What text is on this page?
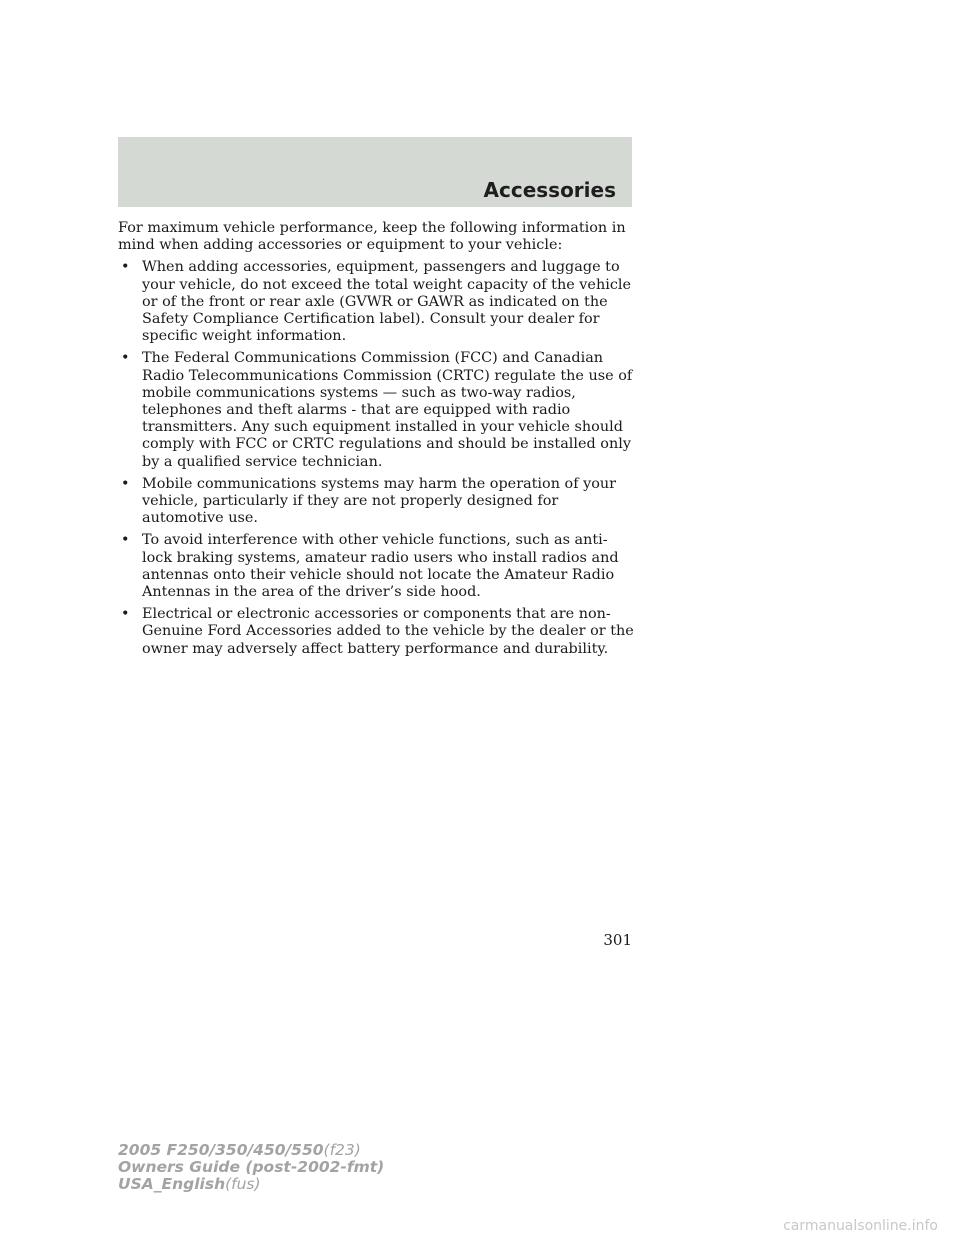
Accessories

For maximum vehicle performance, keep the following information in mind when adding accessories or equipment to your vehicle:

• When adding accessories, equipment, passengers and luggage to your vehicle, do not exceed the total weight capacity of the vehicle or of the front or rear axle (GVWR or GAWR as indicated on the Safety Compliance Certification label). Consult your dealer for specific weight information.
• The Federal Communications Commission (FCC) and Canadian Radio Telecommunications Commission (CRTC) regulate the use of mobile communications systems — such as two-way radios, telephones and theft alarms - that are equipped with radio transmitters. Any such equipment installed in your vehicle should comply with FCC or CRTC regulations and should be installed only by a qualified service technician.
• Mobile communications systems may harm the operation of your vehicle, particularly if they are not properly designed for automotive use.
• To avoid interference with other vehicle functions, such as anti-lock braking systems, amateur radio users who install radios and antennas onto their vehicle should not locate the Amateur Radio Antennas in the area of the driver’s side hood.
• Electrical or electronic accessories or components that are non-Genuine Ford Accessories added to the vehicle by the dealer or the owner may adversely affect battery performance and durability.
301
2005 F250/350/450/550(f23)
Owners Guide (post-2002-fmt)
USA_English(fus)
carmanualsonline.info
